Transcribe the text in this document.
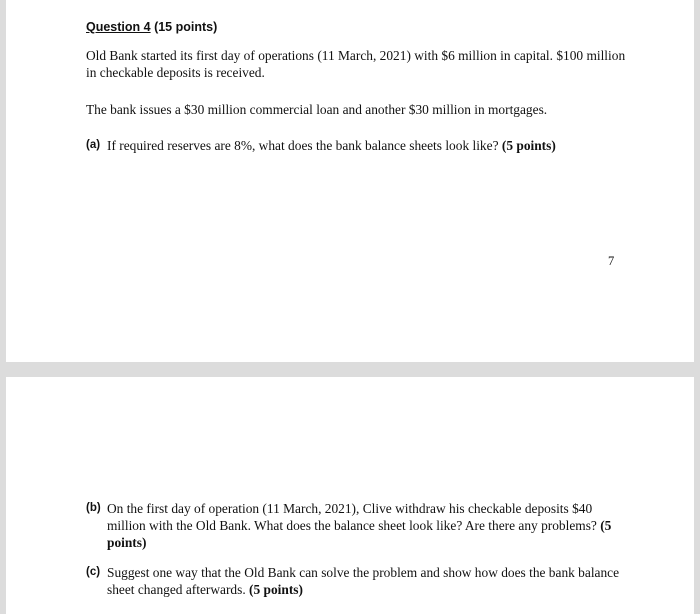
Question 4 (15 points)

Old Bank started its first day of operations (11 March, 2021) with $6 million in capital. $100 million in checkable deposits is received.

The bank issues a $30 million commercial loan and another $30 million in mortgages.

(a) If required reserves are 8%, what does the bank balance sheets look like? (5 points)
7
(b) On the first day of operation (11 March, 2021), Clive withdraw his checkable deposits $40 million with the Old Bank. What does the balance sheet look like? Are there any problems? (5 points)
(c) Suggest one way that the Old Bank can solve the problem and show how does the bank balance sheet changed afterwards. (5 points)
